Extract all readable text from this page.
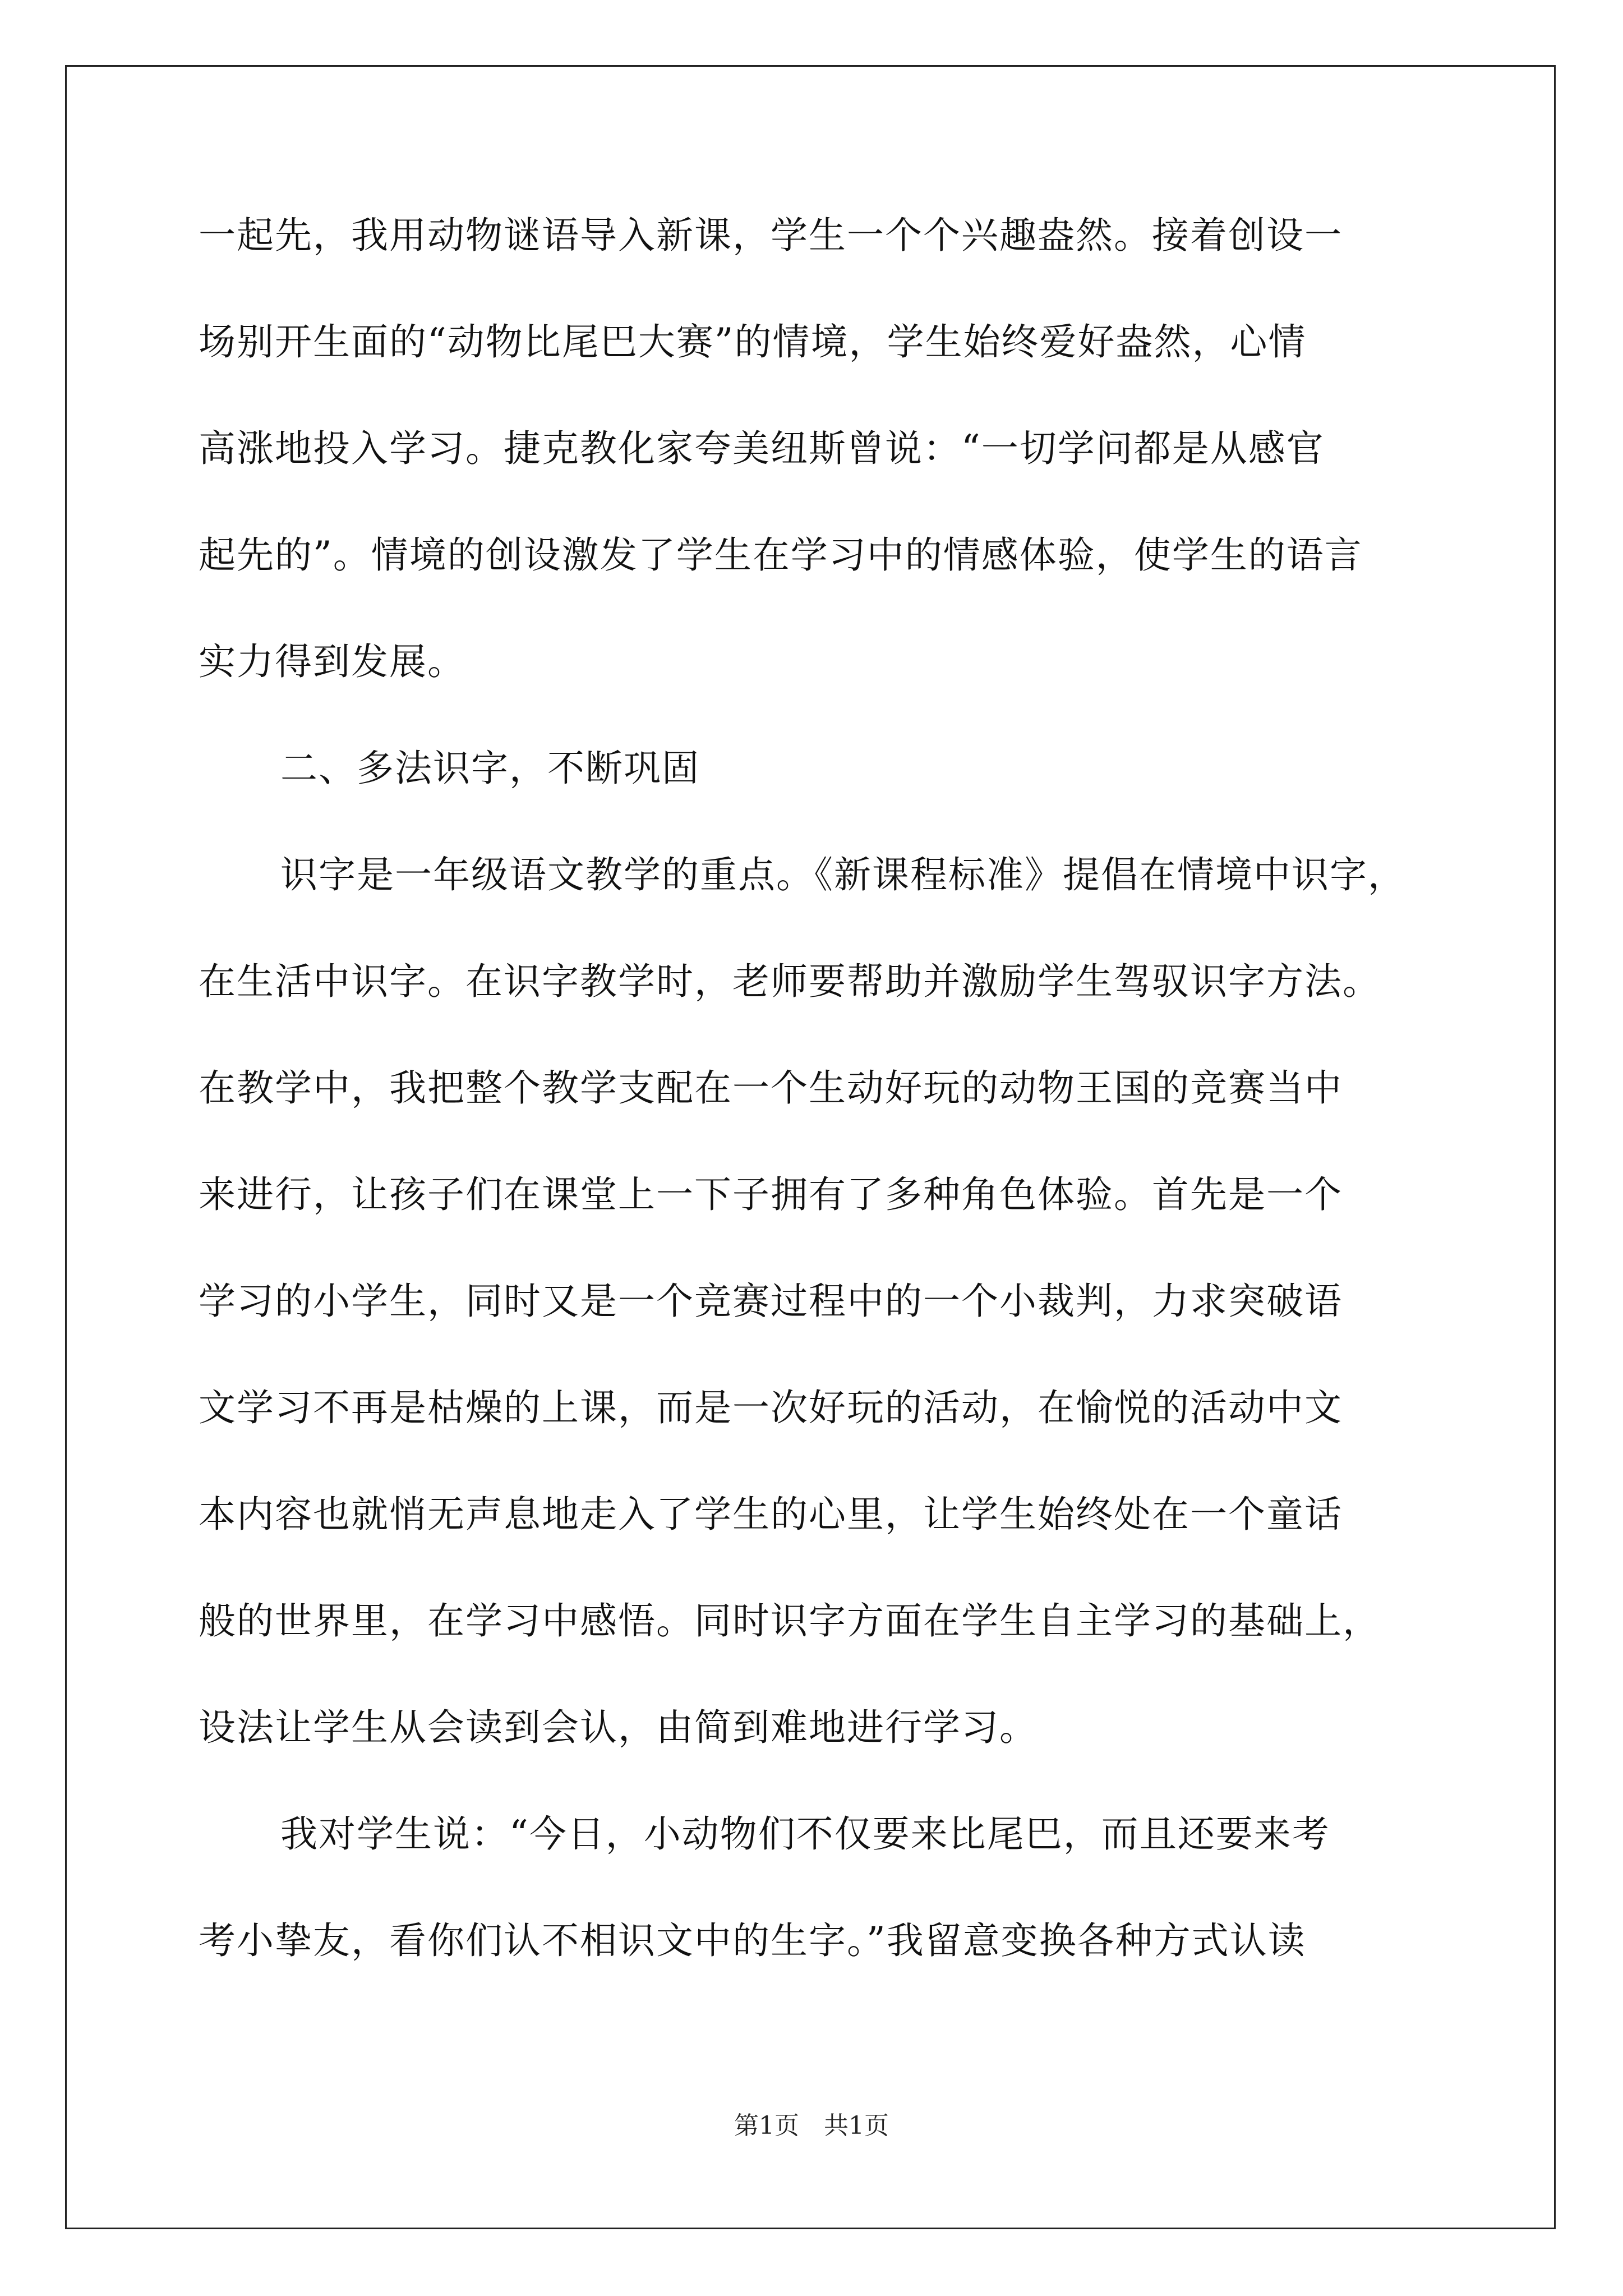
一起先，我用动物谜语导入新课，学生一个个兴趣盎然。接着创设一
场别开生面的“动物比尾巴大赛”的情境，学生始终爱好盎然，心情
高涨地投入学习。捷克教化家夸美纽斯曾说：“一切学问都是从感官
起先的”。情境的创设激发了学生在学习中的情感体验，使学生的语言
实力得到发展。
二、多法识字，不断巩固
识字是一年级语文教学的重点。《新课程标准》提倡在情境中识字，
在生活中识字。在识字教学时，老师要帮助并激励学生驾驭识字方法。
在教学中，我把整个教学支配在一个生动好玩的动物王国的竞赛当中
来进行，让孩子们在课堂上一下子拥有了多种角色体验。首先是一个
学习的小学生，同时又是一个竞赛过程中的一个小裁判，力求突破语
文学习不再是枯燥的上课，而是一次好玩的活动，在愉悦的活动中文
本内容也就悄无声息地走入了学生的心里，让学生始终处在一个童话
般的世界里，在学习中感悟。同时识字方面在学生自主学习的基础上，
设法让学生从会读到会认，由简到难地进行学习。
我对学生说：“今日，小动物们不仅要来比尾巴，而且还要来考
考小挚友，看你们认不相识文中的生字。”我留意变换各种方式认读
第1页　共1页
